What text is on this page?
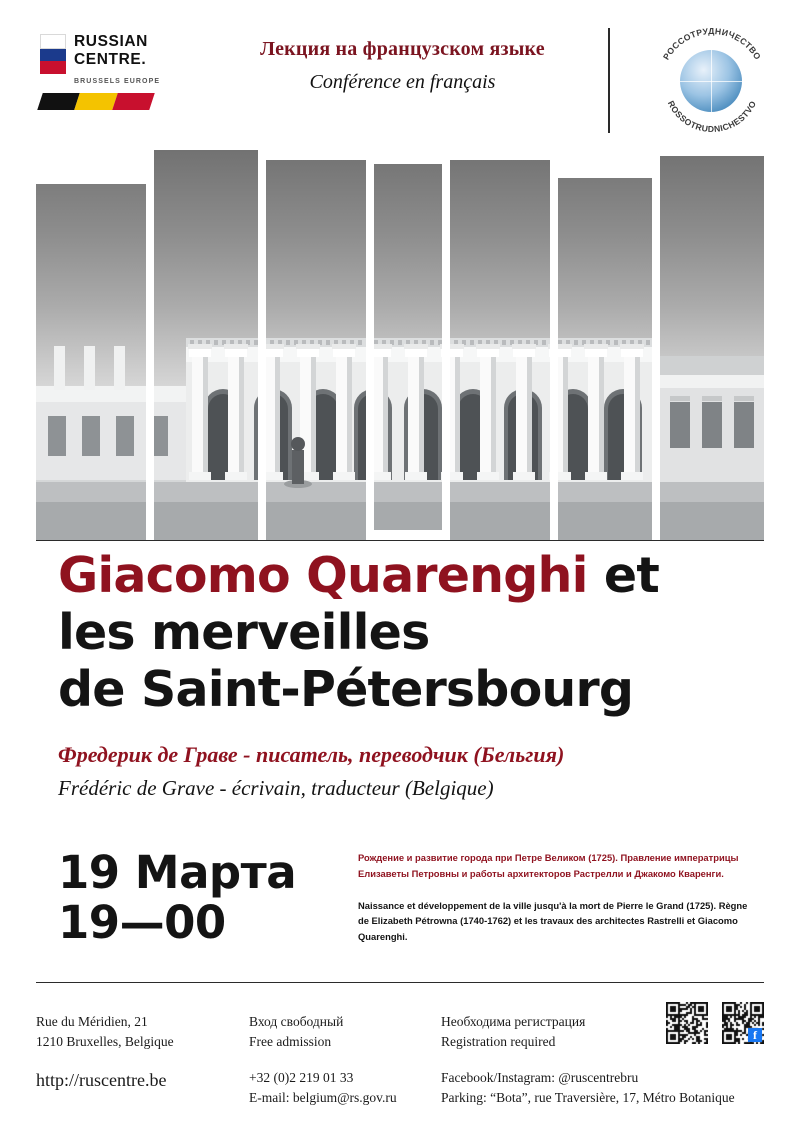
RUSSIAN
CENTRE.
BRUSSELS EUROPE
Лекция на французском языке
Conférence en français
РОССОТРУДНИЧЕСТВО
ROSSOTRUDNICHESTVO
Giacomo Quarenghi et
les merveilles
de Saint-Pétersbourg
Фредерик де Граве - писатель, переводчик (Бельгия)
Frédéric de Grave - écrivain, traducteur (Belgique)
19 Марта
19—00
Рождение и развитие города при Петре Великом (1725). Правление императрицы Елизаветы Петровны и работы архитекторов Растрелли и Джакомо Кваренги.
Naissance et développement de la ville jusqu'à la mort de Pierre le Grand (1725). Règne de Elizabeth Pétrowna (1740-1762) et les travaux des architectes Rastrelli et Giacomo Quarenghi.
Rue du Méridien, 21
1210 Bruxelles, Belgique
http://ruscentre.be
Вход свободный
Free admission
+32 (0)2 219 01 33
E-mail: belgium@rs.gov.ru
Необходима регистрация
Registration required
Facebook/Instagram: @ruscentrebru
Parking: “Bota”, rue Traversière, 17, Métro Botanique
f
